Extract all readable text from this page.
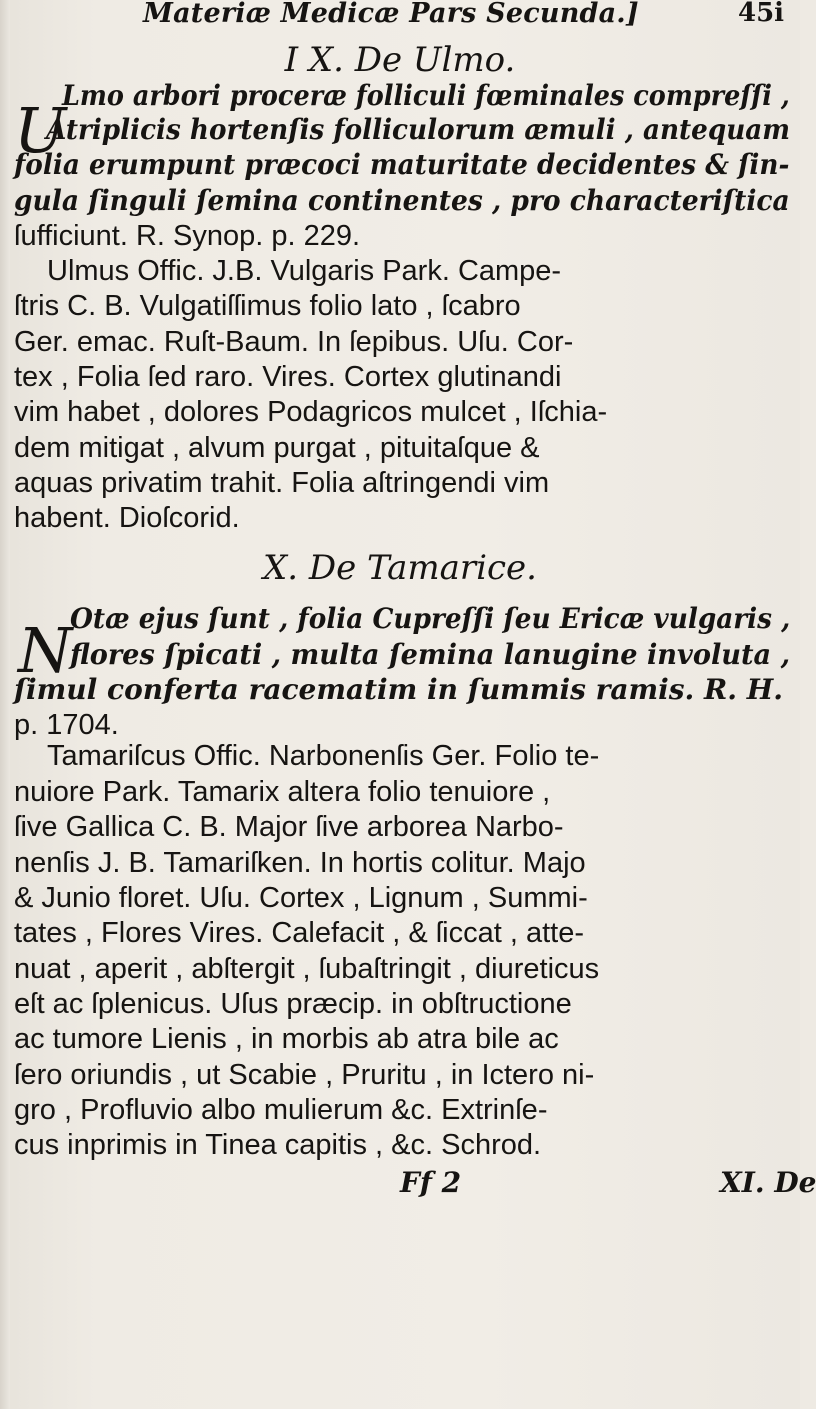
Materiæ Medicæ Pars Secunda.]	45i
I X. De Ulmo.
U
Lmo arbori proceræ folliculi fœminales compreſſi ,
Atriplicis hortenſis folliculorum æmuli , antequam
folia erumpunt præcoci maturitate decidentes & ſin-
gula ſinguli ſemina continentes , pro characteriſtica
ſufficiunt. R. Synop. p. 229.
Ulmus Offic. J.B. Vulgaris Park. Campe-
ſtris C. B. Vulgatiſſimus folio lato , ſcabro
Ger. emac. Ruſt-Baum. In ſepibus. Uſu. Cor-
tex , Folia ſed raro. Vires. Cortex glutinandi
vim habet , dolores Podagricos mulcet , Iſchia-
dem mitigat , alvum purgat , pituitaſque &
aquas privatim trahit. Folia aſtringendi vim
habent. Dioſcorid.
X. De Tamarice.
N
Otæ ejus ſunt , folia Cupreſſi ſeu Ericæ vulgaris ,
flores ſpicati , multa ſemina lanugine involuta ,
ſimul conferta racematim in ſummis ramis. R. H.
p. 1704.
Tamariſcus Offic. Narbonenſis Ger. Folio te-
nuiore Park. Tamarix altera folio tenuiore ,
ſive Gallica C. B. Major ſive arborea Narbo-
nenſis J. B. Tamariſken. In hortis colitur. Majo
& Junio floret. Uſu. Cortex , Lignum , Summi-
tates , Flores Vires. Calefacit , & ſiccat , atte-
nuat , aperit , abſtergit , ſubaſtringit , diureticus
eſt ac ſplenicus. Uſus præcip. in obſtructione
ac tumore Lienis , in morbis ab atra bile ac
ſero oriundis , ut Scabie , Pruritu , in Ictero ni-
gro , Profluvio albo mulierum &c. Extrinſe-
cus inprimis in Tinea capitis , &c. Schrod.
Ff 2	XI. De
